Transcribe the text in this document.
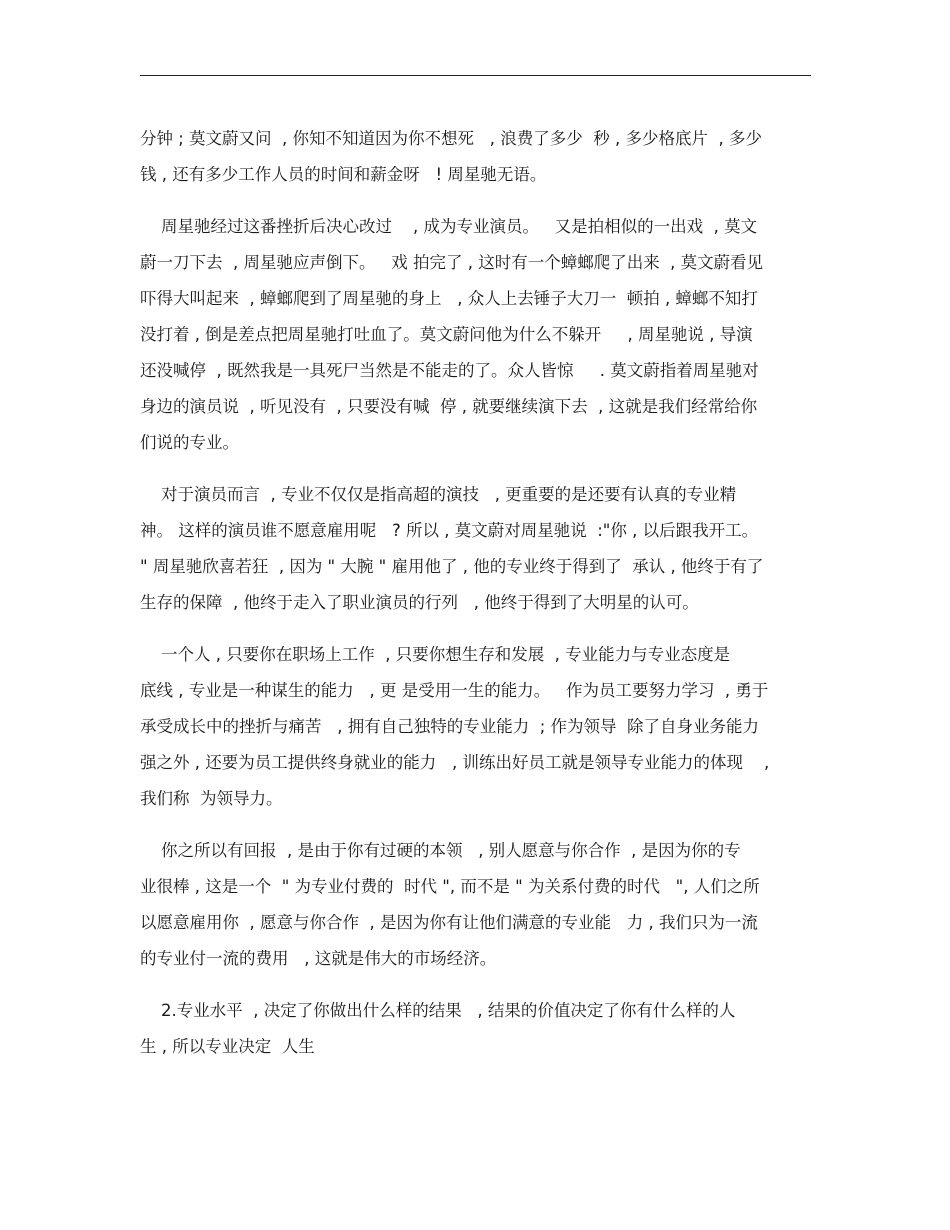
分钟 ; 莫文蔚又问  , 你知不知道因为你不想死   , 浪费了多少  秒 , 多少格底片  , 多少
钱 , 还有多少工作人员的时间和薪金呀   ! 周星驰无语。
周星驰经过这番挫折后决心改过    , 成为专业演员。   又是拍相似的一出戏  , 莫文
蔚一刀下去  , 周星驰应声倒下。   戏 拍完了 , 这时有一个蟑螂爬了出来  , 莫文蔚看见
吓得大叫起来  , 蟑螂爬到了周星驰的身上   , 众人上去锤子大刀一  顿拍 , 蟑螂不知打
没打着 , 倒是差点把周星驰打吐血了。莫文蔚问他为什么不躲开     , 周星驰说 , 导演
还没喊停  , 既然我是一具死尸当然是不能走的了。众人皆惊     . 莫文蔚指着周星驰对
身边的演员说  , 听见没有  , 只要没有喊  停 , 就要继续演下去  , 这就是我们经常给你
们说的专业。
对于演员而言  , 专业不仅仅是指高超的演技   , 更重要的是还要有认真的专业精
神。 这样的演员谁不愿意雇用呢   ? 所以 , 莫文蔚对周星驰说  :"你 , 以后跟我开工。
" 周星驰欣喜若狂  , 因为 " 大腕 " 雇用他了 , 他的专业终于得到了  承认 , 他终于有了
生存的保障  , 他终于走入了职业演员的行列   , 他终于得到了大明星的认可。
一个人 , 只要你在职场上工作  , 只要你想生存和发展  , 专业能力与专业态度是
底线 , 专业是一种谋生的能力   , 更 是受用一生的能力。   作为员工要努力学习  , 勇于
承受成长中的挫折与痛苦   , 拥有自己独特的专业能力  ; 作为领导  除了自身业务能力
强之外 , 还要为员工提供终身就业的能力   , 训练出好员工就是领导专业能力的体现    ,
我们称  为领导力。
你之所以有回报  , 是由于你有过硬的本领   , 别人愿意与你合作  , 是因为你的专
业很棒 , 这是一个  " 为专业付费的  时代 ", 而不是 " 为关系付费的时代   ", 人们之所
以愿意雇用你  , 愿意与你合作  , 是因为你有让他们满意的专业能   力 , 我们只为一流
的专业付一流的费用   , 这就是伟大的市场经济。
2.专业水平  , 决定了你做出什么样的结果   , 结果的价值决定了你有什么样的人
生 , 所以专业决定  人生
